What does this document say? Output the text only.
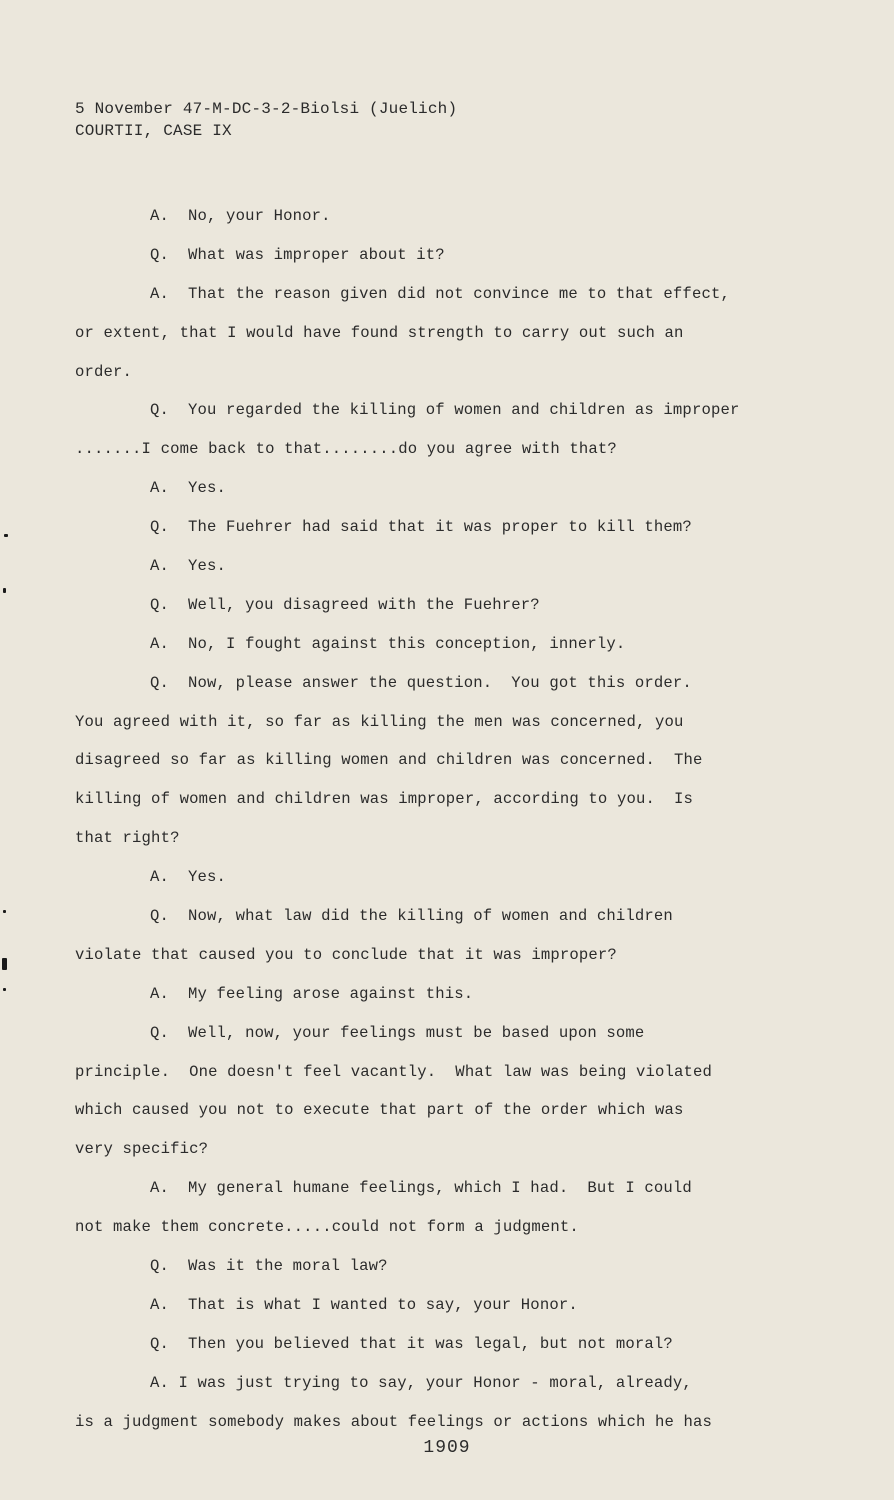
5 November 47-M-DC-3-2-Biolsi (Juelich)
COURTII, CASE IX
A.  No, your Honor.
Q.  What was improper about it?
A.  That the reason given did not convince me to that effect,
or extent, that I would have found strength to carry out such an
order.
Q.  You regarded the killing of women and children as improper
.......I come back to that........do you agree with that?
A.  Yes.
Q.  The Fuehrer had said that it was proper to kill them?
A.  Yes.
Q.  Well, you disagreed with the Fuehrer?
A.  No, I fought against this conception, innerly.
Q.  Now, please answer the question.  You got this order.
You agreed with it, so far as killing the men was concerned, you
disagreed so far as killing women and children was concerned.  The
killing of women and children was improper, according to you.  Is
that right?
A.  Yes.
Q.  Now, what law did the killing of women and children
violate that caused you to conclude that it was improper?
A.  My feeling arose against this.
Q.  Well, now, your feelings must be based upon some
principle.  One doesn't feel vacantly.  What law was being violated
which caused you not to execute that part of the order which was
very specific?
A.  My general humane feelings, which I had.  But I could
not make them concrete.....could not form a judgment.
Q.  Was it the moral law?
A.  That is what I wanted to say, your Honor.
Q.  Then you believed that it was legal, but not moral?
A. I was just trying to say, your Honor - moral, already,
is a judgment somebody makes about feelings or actions which he has
1909
